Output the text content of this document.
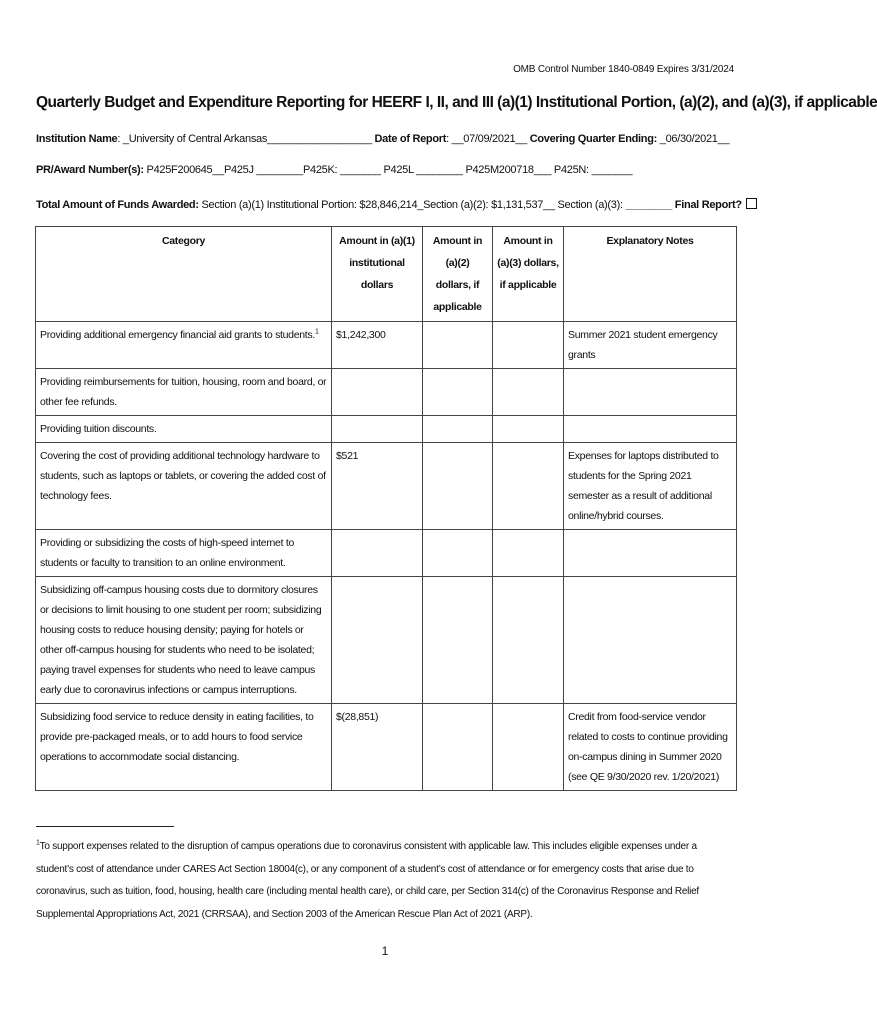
OMB Control Number 1840-0849 Expires 3/31/2024
Quarterly Budget and Expenditure Reporting for HEERF I, II, and III (a)(1) Institutional Portion, (a)(2), and (a)(3), if applicable
Institution Name: _University of Central Arkansas__________________ Date of Report: __07/09/2021__ Covering Quarter Ending: _06/30/2021__
PR/Award Number(s): P425F200645__P425J ________P425K: _______ P425L ________ P425M200718___ P425N: _______
Total Amount of Funds Awarded: Section (a)(1) Institutional Portion: $28,846,214_Section (a)(2): $1,131,537__ Section (a)(3): ________ Final Report?
Category	Amount in (a)(1) institutional dollars	Amount in (a)(2) dollars, if applicable	Amount in (a)(3) dollars, if applicable	Explanatory Notes
Providing additional emergency financial aid grants to students.$^1$	$1,242,300			Summer 2021 student emergency grants
Providing reimbursements for tuition, housing, room and board, or other fee refunds.				
Providing tuition discounts.				
Covering the cost of providing additional technology hardware to students, such as laptops or tablets, or covering the added cost of technology fees.	$521			Expenses for laptops distributed to students for the Spring 2021 semester as a result of additional online/hybrid courses.
Providing or subsidizing the costs of high-speed internet to students or faculty to transition to an online environment.				
Subsidizing off-campus housing costs due to dormitory closures or decisions to limit housing to one student per room; subsidizing housing costs to reduce housing density; paying for hotels or other off-campus housing for students who need to be isolated; paying travel expenses for students who need to leave campus early due to coronavirus infections or campus interruptions.				
Subsidizing food service to reduce density in eating facilities, to provide pre-packaged meals, or to add hours to food service operations to accommodate social distancing.	$(28,851)			Credit from food-service vendor related to costs to continue providing on-campus dining in Summer 2020 (see QE 9/30/2020 rev. 1/20/2021)
$^1$To support expenses related to the disruption of campus operations due to coronavirus consistent with applicable law. This includes eligible expenses under a student’s cost of attendance under CARES Act Section 18004(c), or any component of a student’s cost of attendance or for emergency costs that arise due to coronavirus, such as tuition, food, housing, health care (including mental health care), or child care, per Section 314(c) of the Coronavirus Response and Relief Supplemental Appropriations Act, 2021 (CRRSAA), and Section 2003 of the American Rescue Plan Act of 2021 (ARP).
1
